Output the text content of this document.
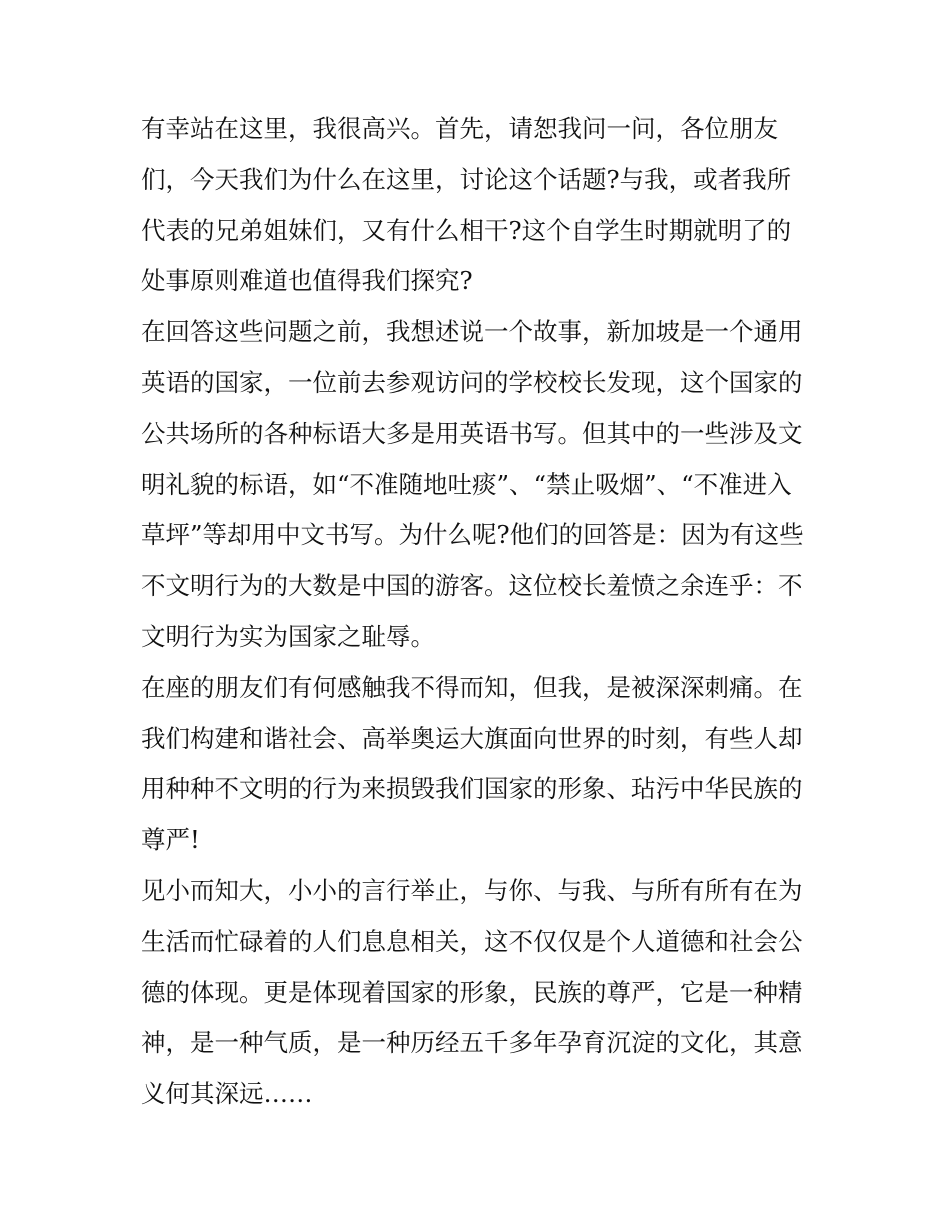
有幸站在这里，我很高兴。首先，请恕我问一问，各位朋友
们，今天我们为什么在这里，讨论这个话题?与我，或者我所
代表的兄弟姐妹们，又有什么相干?这个自学生时期就明了的
处事原则难道也值得我们探究?
在回答这些问题之前，我想述说一个故事，新加坡是一个通用
英语的国家，一位前去参观访问的学校校长发现，这个国家的
公共场所的各种标语大多是用英语书写。但其中的一些涉及文
明礼貌的标语，如“不准随地吐痰”、“禁止吸烟”、“不准进入
草坪”等却用中文书写。为什么呢?他们的回答是：因为有这些
不文明行为的大数是中国的游客。这位校长羞愤之余连乎：不
文明行为实为国家之耻辱。
在座的朋友们有何感触我不得而知，但我，是被深深刺痛。在
我们构建和谐社会、高举奥运大旗面向世界的时刻，有些人却
用种种不文明的行为来损毁我们国家的形象、玷污中华民族的
尊严!
见小而知大，小小的言行举止，与你、与我、与所有所有在为
生活而忙碌着的人们息息相关，这不仅仅是个人道德和社会公
德的体现。更是体现着国家的形象，民族的尊严，它是一种精
神，是一种气质，是一种历经五千多年孕育沉淀的文化，其意
义何其深远……
